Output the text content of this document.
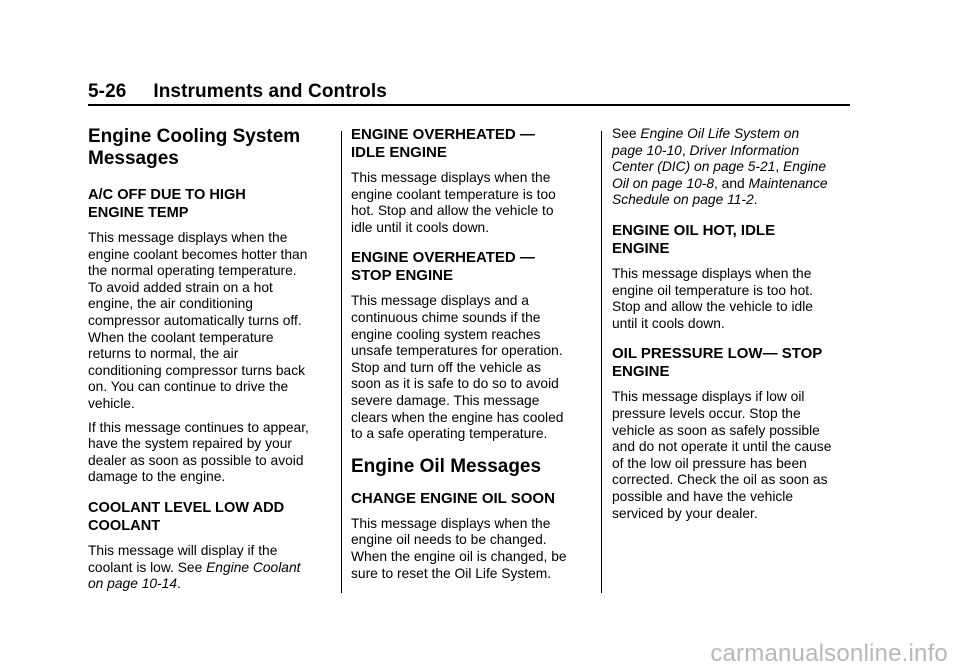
5-26     Instruments and Controls
Engine Cooling System
Messages
A/C OFF DUE TO HIGH
ENGINE TEMP

This message displays when the
engine coolant becomes hotter than
the normal operating temperature.
To avoid added strain on a hot
engine, the air conditioning
compressor automatically turns off.
When the coolant temperature
returns to normal, the air
conditioning compressor turns back
on. You can continue to drive the
vehicle.

If this message continues to appear,
have the system repaired by your
dealer as soon as possible to avoid
damage to the engine.

COOLANT LEVEL LOW ADD
COOLANT

This message will display if the
coolant is low. See Engine Coolant
on page 10-14.

ENGINE OVERHEATED —
IDLE ENGINE

This message displays when the
engine coolant temperature is too
hot. Stop and allow the vehicle to
idle until it cools down.

ENGINE OVERHEATED —
STOP ENGINE

This message displays and a
continuous chime sounds if the
engine cooling system reaches
unsafe temperatures for operation.
Stop and turn off the vehicle as
soon as it is safe to do so to avoid
severe damage. This message
clears when the engine has cooled
to a safe operating temperature.

Engine Oil Messages
CHANGE ENGINE OIL SOON

This message displays when the
engine oil needs to be changed.
When the engine oil is changed, be
sure to reset the Oil Life System.

See Engine Oil Life System on
page 10-10, Driver Information
Center (DIC) on page 5-21, Engine
Oil on page 10-8, and Maintenance
Schedule on page 11-2.

ENGINE OIL HOT, IDLE
ENGINE

This message displays when the
engine oil temperature is too hot.
Stop and allow the vehicle to idle
until it cools down.

OIL PRESSURE LOW— STOP
ENGINE

This message displays if low oil
pressure levels occur. Stop the
vehicle as soon as safely possible
and do not operate it until the cause
of the low oil pressure has been
corrected. Check the oil as soon as
possible and have the vehicle
serviced by your dealer.

carmanualsonline.info
